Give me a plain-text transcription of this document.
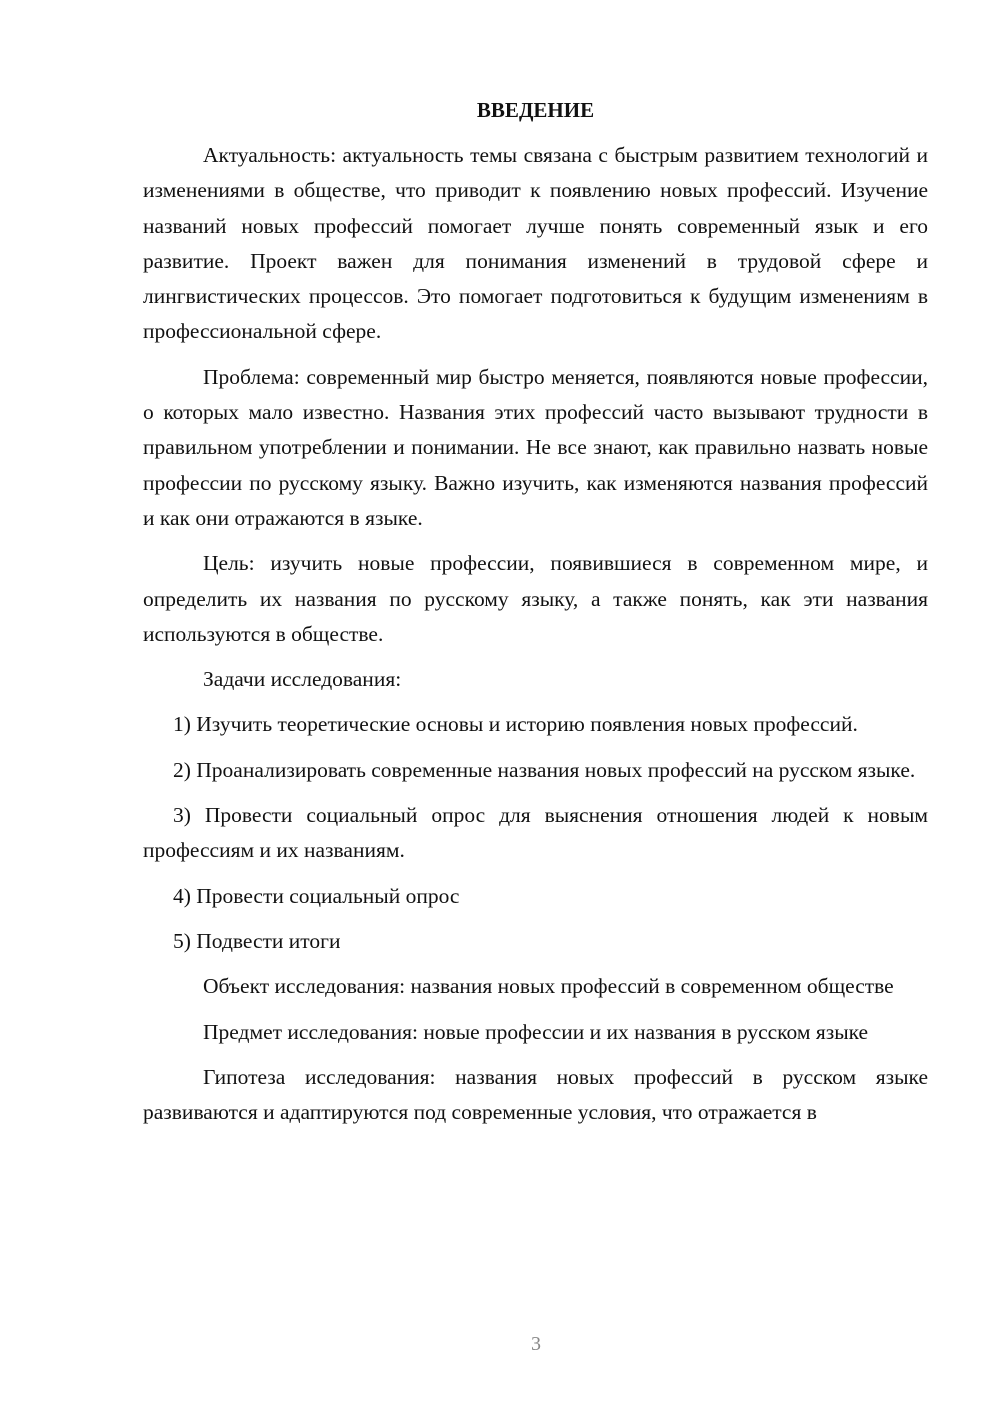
ВВЕДЕНИЕ

Актуальность: актуальность темы связана с быстрым развитием технологий и изменениями в обществе, что приводит к появлению новых профессий. Изучение названий новых профессий помогает лучше понять современный язык и его развитие. Проект важен для понимания изменений в трудовой сфере и лингвистических процессов. Это помогает подготовиться к будущим изменениям в профессиональной сфере.

Проблема: современный мир быстро меняется, появляются новые профессии, о которых мало известно. Названия этих профессий часто вызывают трудности в правильном употреблении и понимании. Не все знают, как правильно назвать новые профессии по русскому языку. Важно изучить, как изменяются названия профессий и как они отражаются в языке.

Цель: изучить новые профессии, появившиеся в современном мире, и определить их названия по русскому языку, а также понять, как эти названия используются в обществе.

Задачи исследования:

1) Изучить теоретические основы и историю появления новых профессий.

2) Проанализировать современные названия новых профессий на русском языке.

3) Провести социальный опрос для выяснения отношения людей к новым профессиям и их названиям.

4) Провести социальный опрос

5) Подвести итоги

Объект исследования: названия новых профессий в современном обществе

Предмет исследования: новые профессии и их названия в русском языке

Гипотеза исследования: названия новых профессий в русском языке развиваются и адаптируются под современные условия, что отражается в

3
